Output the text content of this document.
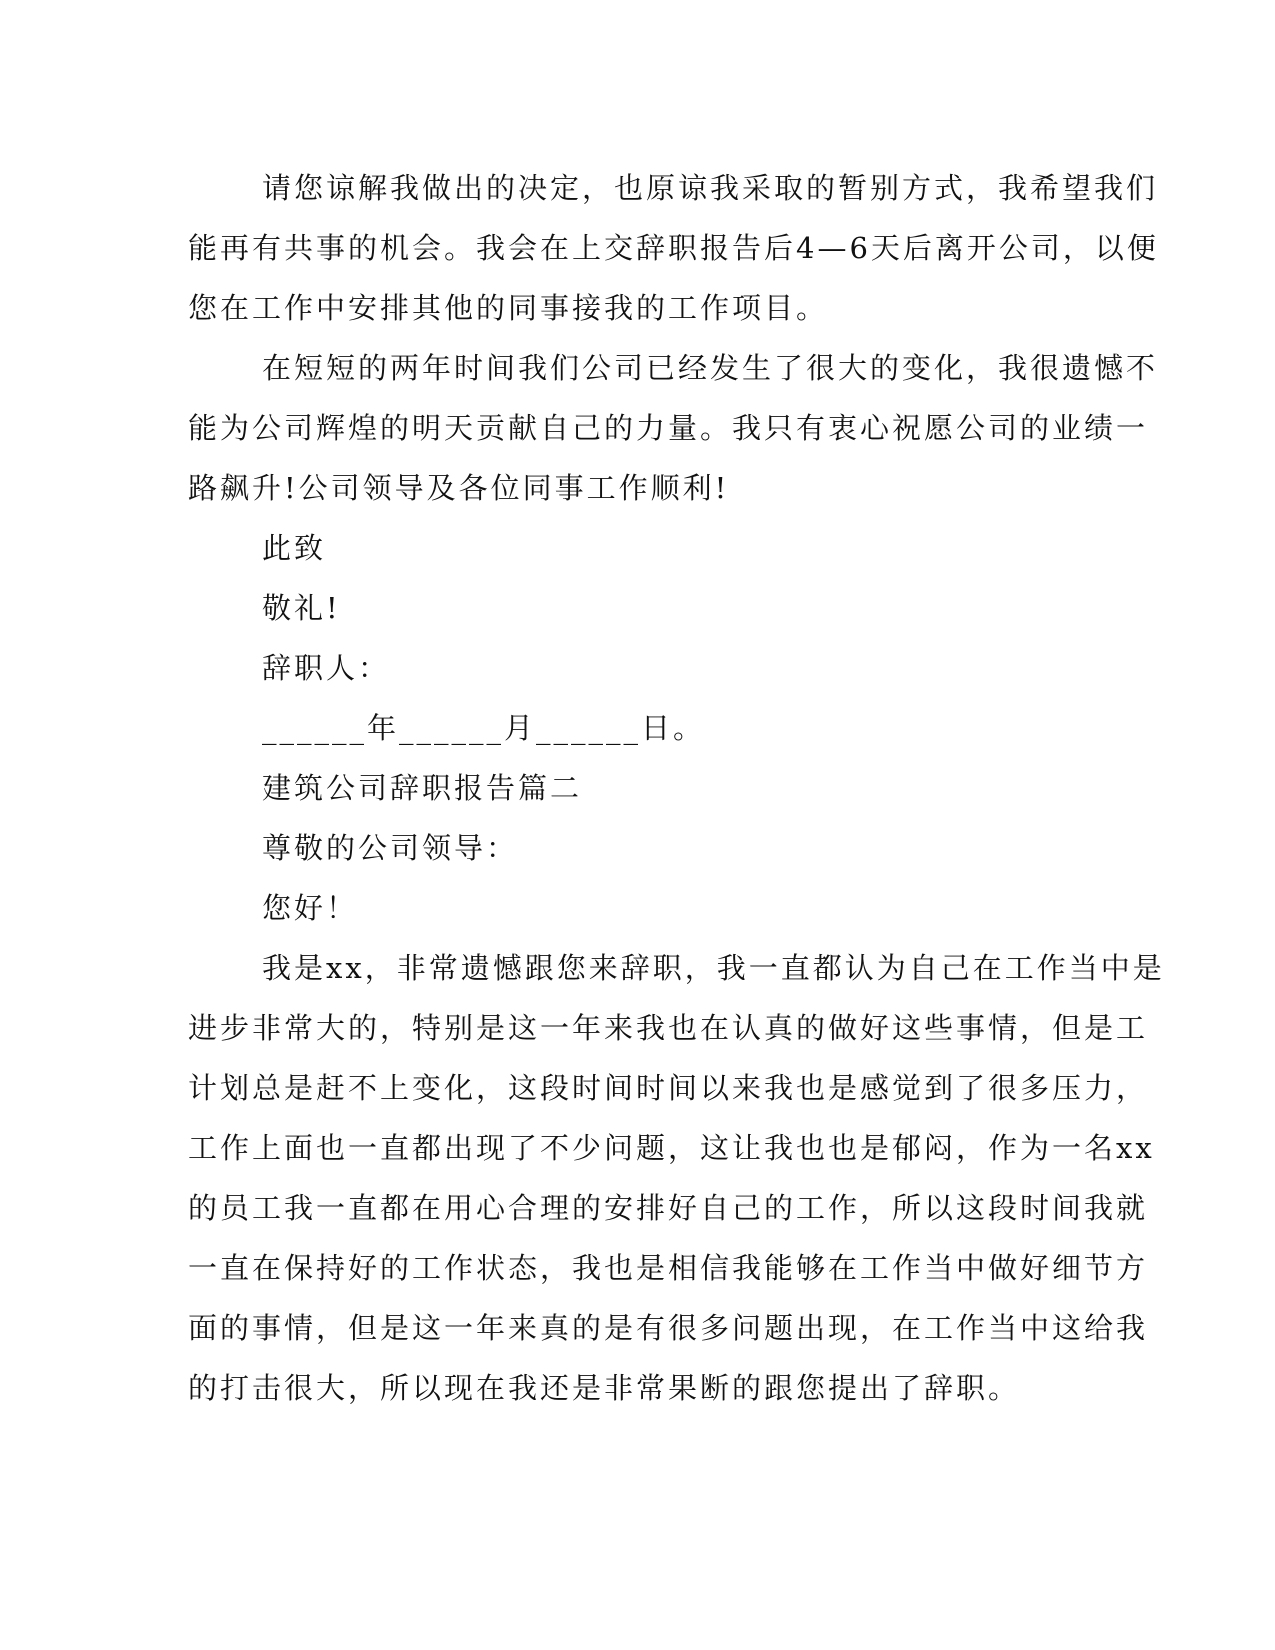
请您谅解我做出的决定，也原谅我采取的暂别方式，我希望我们
能再有共事的机会。我会在上交辞职报告后4—6天后离开公司，以便
您在工作中安排其他的同事接我的工作项目。
在短短的两年时间我们公司已经发生了很大的变化，我很遗憾不
能为公司辉煌的明天贡献自己的力量。我只有衷心祝愿公司的业绩一
路飙升!公司领导及各位同事工作顺利!
此致
敬礼!
辞职人：
______年______月______日。
建筑公司辞职报告篇二
尊敬的公司领导：
您好！
我是xx，非常遗憾跟您来辞职，我一直都认为自己在工作当中是
进步非常大的，特别是这一年来我也在认真的做好这些事情，但是工
计划总是赶不上变化，这段时间时间以来我也是感觉到了很多压力，
工作上面也一直都出现了不少问题，这让我也也是郁闷，作为一名xx
的员工我一直都在用心合理的安排好自己的工作，所以这段时间我就
一直在保持好的工作状态，我也是相信我能够在工作当中做好细节方
面的事情，但是这一年来真的是有很多问题出现，在工作当中这给我
的打击很大，所以现在我还是非常果断的跟您提出了辞职。
